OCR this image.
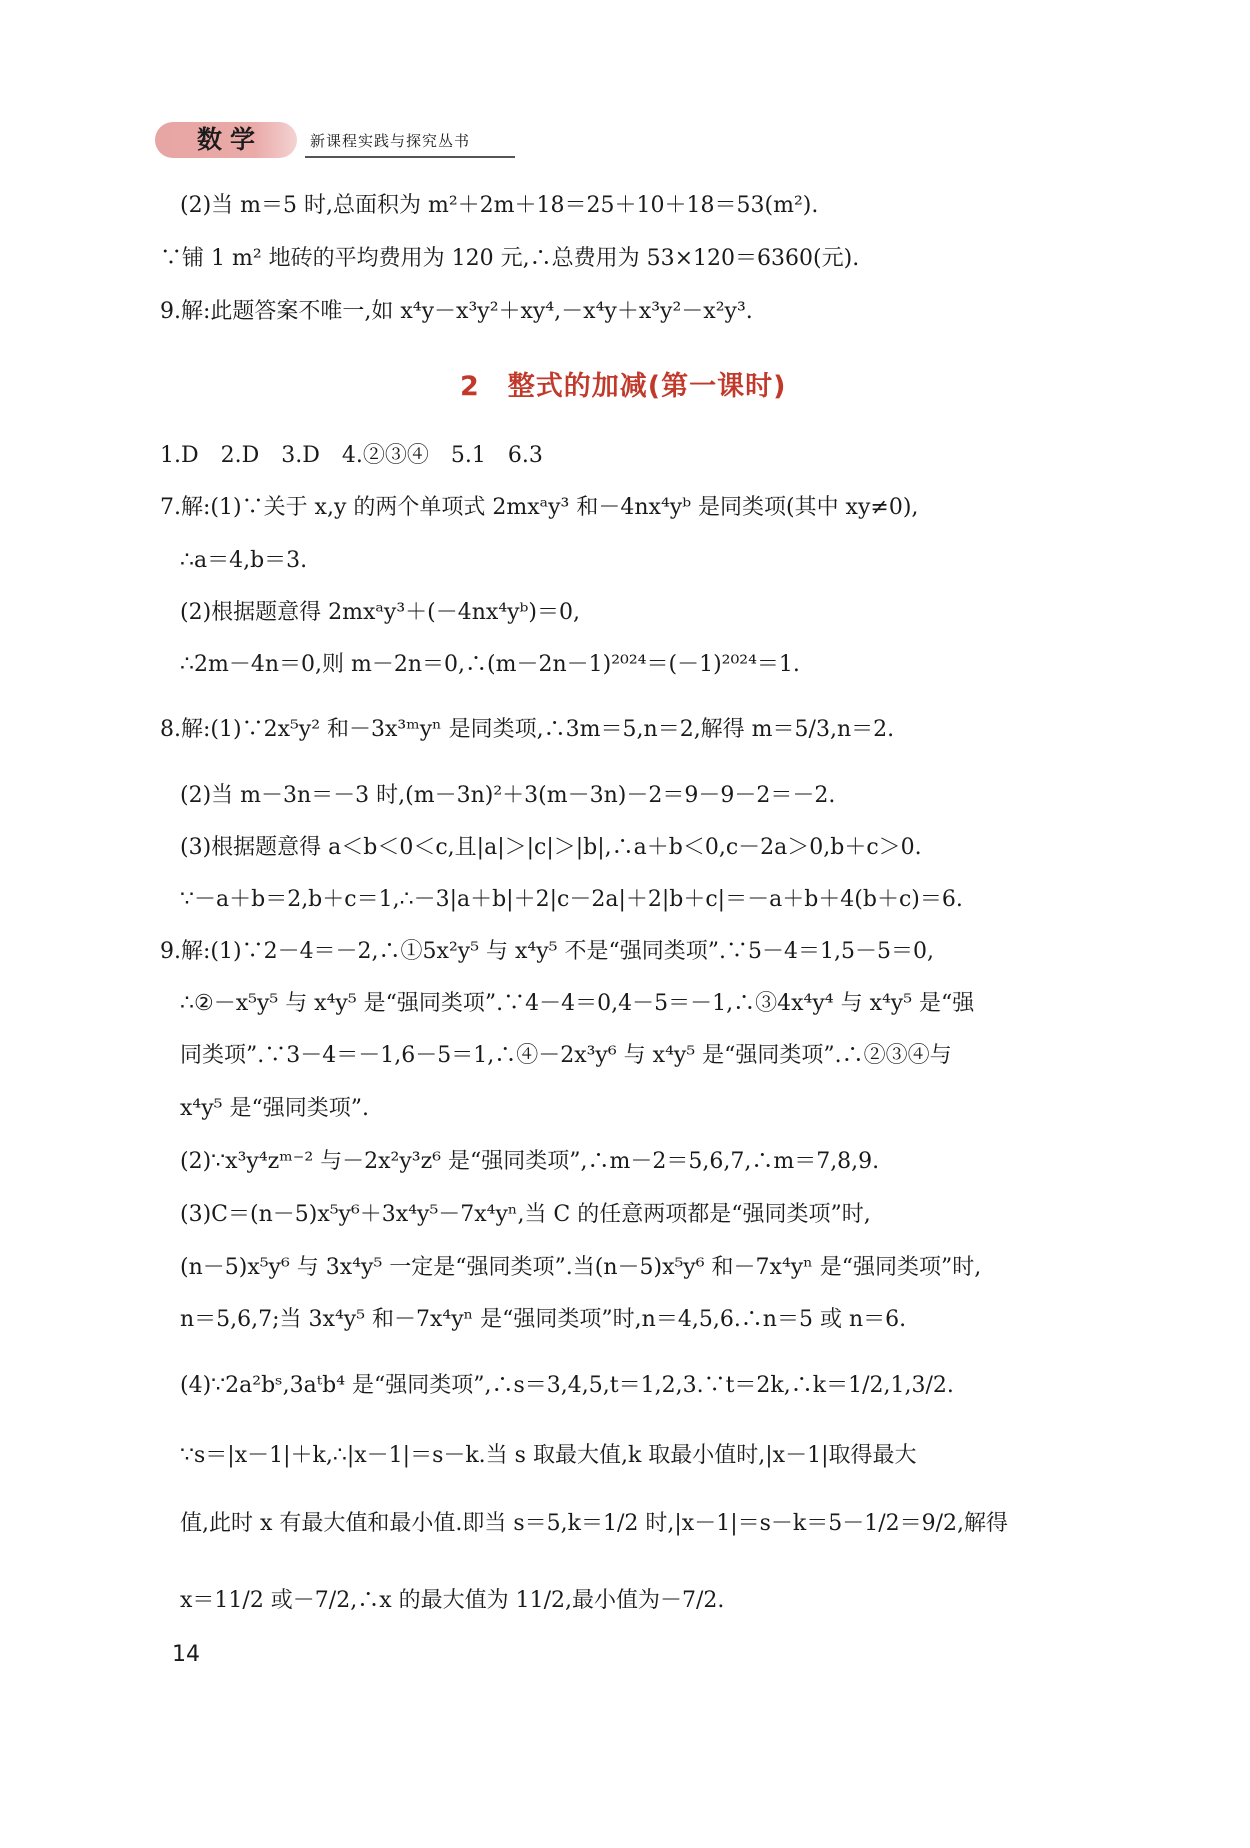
数学	新课程实践与探究丛书
(2)当 m＝5 时,总面积为 m²＋2m＋18＝25＋10＋18＝53(m²).
∵铺 1 m² 地砖的平均费用为 120 元,∴总费用为 53×120＝6360(元).
9.解:此题答案不唯一,如 x⁴y－x³y²＋xy⁴,－x⁴y＋x³y²－x²y³.
2　整式的加减(第一课时)
1.D　2.D　3.D　4.②③④　5.1　6.3
7.解:(1)∵关于 x,y 的两个单项式 2mxᵃy³ 和－4nx⁴yᵇ 是同类项(其中 xy≠0),
∴a＝4,b＝3.
(2)根据题意得 2mxᵃy³＋(－4nx⁴yᵇ)＝0,
∴2m－4n＝0,则 m－2n＝0,∴(m－2n－1)²⁰²⁴＝(－1)²⁰²⁴＝1.
8.解:(1)∵2x⁵y² 和－3x³ᵐyⁿ 是同类项,∴3m＝5,n＝2,解得 m＝5/3,n＝2.
(2)当 m－3n＝－3 时,(m－3n)²＋3(m－3n)－2＝9－9－2＝－2.
(3)根据题意得 a＜b＜0＜c,且|a|＞|c|＞|b|,∴a＋b＜0,c－2a＞0,b＋c＞0.
∵－a＋b＝2,b＋c＝1,∴－3|a＋b|＋2|c－2a|＋2|b＋c|＝－a＋b＋4(b＋c)＝6.
9.解:(1)∵2－4＝－2,∴①5x²y⁵ 与 x⁴y⁵ 不是“强同类项”.∵5－4＝1,5－5＝0,
∴②－x⁵y⁵ 与 x⁴y⁵ 是“强同类项”.∵4－4＝0,4－5＝－1,∴③4x⁴y⁴ 与 x⁴y⁵ 是“强
同类项”.∵3－4＝－1,6－5＝1,∴④－2x³y⁶ 与 x⁴y⁵ 是“强同类项”.∴②③④与
x⁴y⁵ 是“强同类项”.
(2)∵x³y⁴zᵐ⁻² 与－2x²y³z⁶ 是“强同类项”,∴m－2＝5,6,7,∴m＝7,8,9.
(3)C＝(n－5)x⁵y⁶＋3x⁴y⁵－7x⁴yⁿ,当 C 的任意两项都是“强同类项”时,
(n－5)x⁵y⁶ 与 3x⁴y⁵ 一定是“强同类项”.当(n－5)x⁵y⁶ 和－7x⁴yⁿ 是“强同类项”时,
n＝5,6,7;当 3x⁴y⁵ 和－7x⁴yⁿ 是“强同类项”时,n＝4,5,6.∴n＝5 或 n＝6.
(4)∵2a²bˢ,3aᵗb⁴ 是“强同类项”,∴s＝3,4,5,t＝1,2,3.∵t＝2k,∴k＝1/2,1,3/2.
∵s＝|x－1|＋k,∴|x－1|＝s－k.当 s 取最大值,k 取最小值时,|x－1|取得最大
值,此时 x 有最大值和最小值.即当 s＝5,k＝1/2 时,|x－1|＝s－k＝5－1/2＝9/2,解得
x＝11/2 或－7/2,∴x 的最大值为 11/2,最小值为－7/2.
14
